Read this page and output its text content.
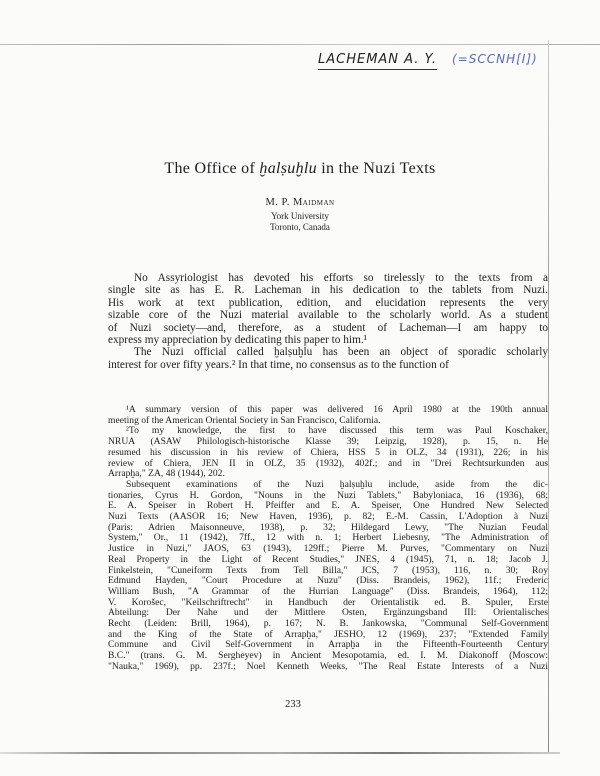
LACHEMAN A. Y. (=SCCNH[I])
The Office of ḫalṣuḫlu in the Nuzi Texts
M. P. Maidman
York University
Toronto, Canada
No Assyriologist has devoted his efforts so tirelessly to the texts from a
single site as has E. R. Lacheman in his dedication to the tablets from Nuzi.
His work at text publication, edition, and elucidation represents the very
sizable core of the Nuzi material available to the scholarly world. As a student
of Nuzi society—and, therefore, as a student of Lacheman—I am happy to
express my appreciation by dedicating this paper to him.¹
The Nuzi official called ḫalṣuḫlu has been an object of sporadic scholarly
interest for over fifty years.² In that time, no consensus as to the function of
¹A summary version of this paper was delivered 16 April 1980 at the 190th annual
meeting of the American Oriental Society in San Francisco, California.
²To my knowledge, the first to have discussed this term was Paul Koschaker,
NRUA (ASAW Philologisch-historische Klasse 39; Leipzig, 1928), p. 15, n. He
resumed his discussion in his review of Chiera, HSS 5 in OLZ, 34 (1931), 226; in his
review of Chiera, JEN II in OLZ, 35 (1932), 402f.; and in "Drei Rechtsurkunden aus
Arrapḫa," ZA, 48 (1944), 202.
Subsequent examinations of the Nuzi ḫalṣuḫlu include, aside from the dic-
tionaries, Cyrus H. Gordon, "Nouns in the Nuzi Tablets," Babyloniaca, 16 (1936), 68;
E. A. Speiser in Robert H. Pfeiffer and E. A. Speiser, One Hundred New Selected
Nuzi Texts (AASOR 16; New Haven, 1936), p. 82; E.-M. Cassin, L'Adoption à Nuzi
(Paris: Adrien Maisonneuve, 1938), p. 32; Hildegard Lewy, "The Nuzian Feudal
System," Or., 11 (1942), 7ff., 12 with n. 1; Herbert Liebesny, "The Administration of
Justice in Nuzi," JAOS, 63 (1943), 129ff.; Pierre M. Purves, "Commentary on Nuzi
Real Property in the Light of Recent Studies," JNES, 4 (1945), 71, n. 18; Jacob J.
Finkelstein, "Cuneiform Texts from Tell Billa," JCS, 7 (1953), 116, n. 30; Roy
Edmund Hayden, "Court Procedure at Nuzu" (Diss. Brandeis, 1962), 11f.; Frederic
William Bush, "A Grammar of the Hurrian Language" (Diss. Brandeis, 1964), 112;
V. Korošec, "Keilschriftrecht" in Handbuch der Orientalistik ed. B. Spuler, Erste
Abteilung: Der Nahe und der Mittlere Osten, Ergänzungsband III: Orientalisches
Recht (Leiden: Brill, 1964), p. 167; N. B. Jankowska, "Communal Self-Government
and the King of the State of Arrapḫa," JESHO, 12 (1969), 237; "Extended Family
Commune and Civil Self-Government in Arrapḫa in the Fifteenth-Fourteenth Century
B.C." (trans. G. M. Sergheyev) in Ancient Mesopotamia, ed. I. M. Diakonoff (Moscow:
"Nauka," 1969), pp. 237f.; Noel Kenneth Weeks, "The Real Estate Interests of a Nuzi
233
